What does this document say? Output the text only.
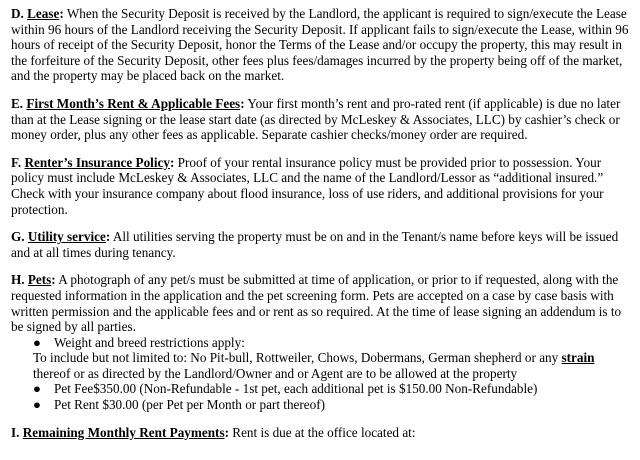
D. Lease: When the Security Deposit is received by the Landlord, the applicant is required to sign/execute the Lease within 96 hours of the Landlord receiving the Security Deposit. If applicant fails to sign/execute the Lease, within 96 hours of receipt of the Security Deposit, honor the Terms of the Lease and/or occupy the property, this may result in the forfeiture of the Security Deposit, other fees plus fees/damages incurred by the property being off of the market, and the property may be placed back on the market.

E. First Month’s Rent & Applicable Fees: Your first month’s rent and pro-rated rent (if applicable) is due no later than at the Lease signing or the lease start date (as directed by McLeskey & Associates, LLC) by cashier’s check or money order, plus any other fees as applicable. Separate cashier checks/money order are required.

F. Renter’s Insurance Policy: Proof of your rental insurance policy must be provided prior to possession. Your policy must include McLeskey & Associates, LLC and the name of the Landlord/Lessor as “additional insured.” Check with your insurance company about flood insurance, loss of use riders, and additional provisions for your protection.

G. Utility service: All utilities serving the property must be on and in the Tenant/s name before keys will be issued and at all times during tenancy.

H. Pets: A photograph of any pet/s must be submitted at time of application, or prior to if requested, along with the requested information in the application and the pet screening form. Pets are accepted on a case by case basis with written permission and the applicable fees and or rent as so required. At the time of lease signing an addendum is to be signed by all parties.

● Weight and breed restrictions apply:

To include but not limited to: No Pit-bull, Rottweiler, Chows, Dobermans, German shepherd or any strain thereof or as directed by the Landlord/Owner and or Agent are to be allowed at the property

● Pet Fee$350.00 (Non-Refundable - 1st pet, each additional pet is $150.00 Non-Refundable)
● Pet Rent $30.00 (per Pet per Month or part thereof)

I. Remaining Monthly Rent Payments: Rent is due at the office located at:
